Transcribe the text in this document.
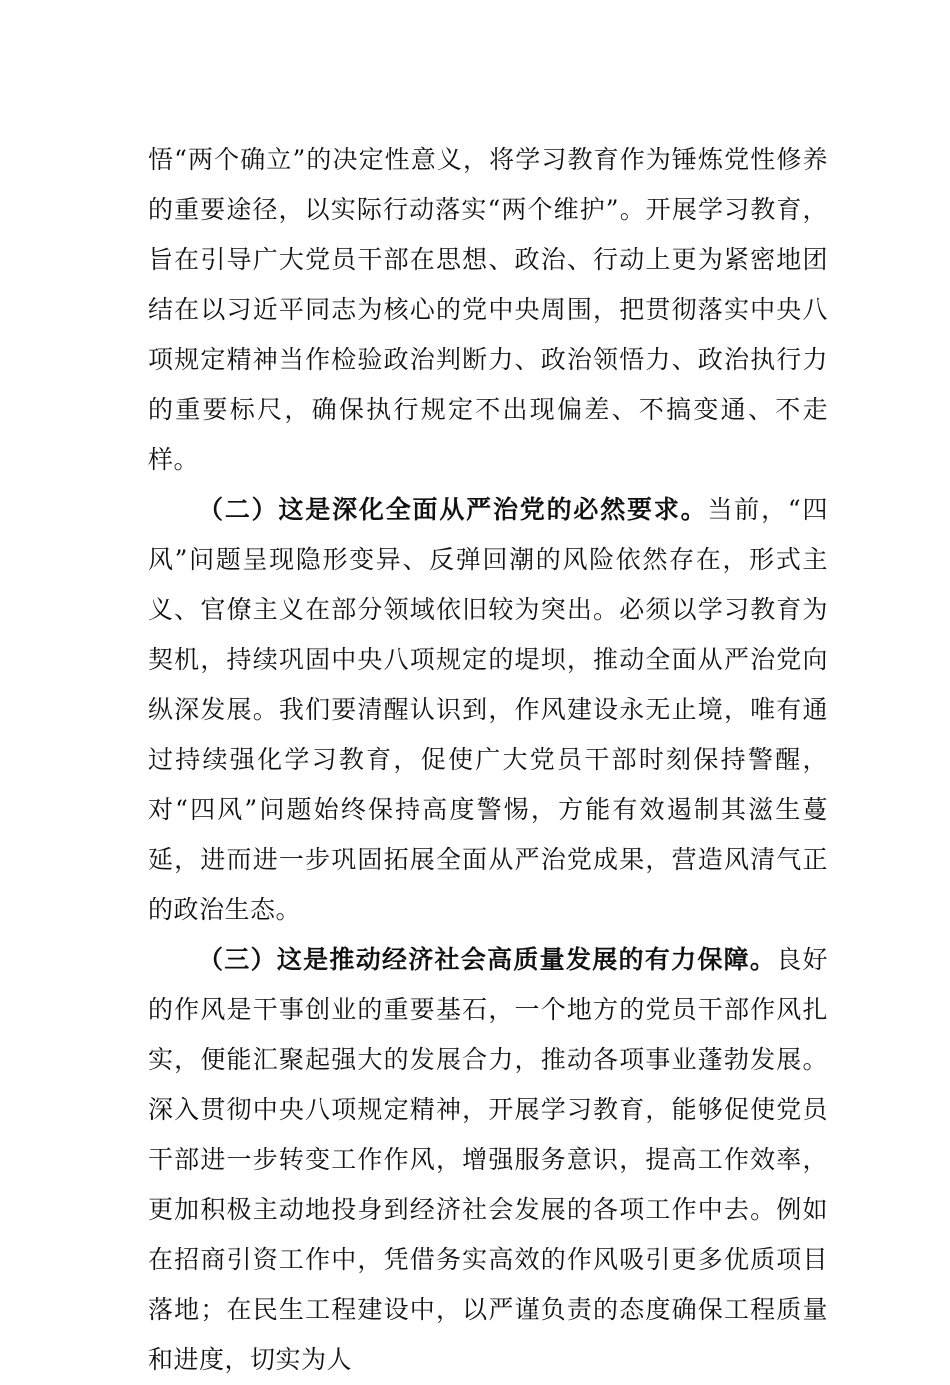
悟“两个确立”的决定性意义，将学习教育作为锤炼党性修养的重要途径，以实际行动落实“两个维护”。开展学习教育，旨在引导广大党员干部在思想、政治、行动上更为紧密地团结在以习近平同志为核心的党中央周围，把贯彻落实中央八项规定精神当作检验政治判断力、政治领悟力、政治执行力的重要标尺，确保执行规定不出现偏差、不搞变通、不走样。

（二）这是深化全面从严治党的必然要求。当前，“四风”问题呈现隐形变异、反弹回潮的风险依然存在，形式主义、官僚主义在部分领域依旧较为突出。必须以学习教育为契机，持续巩固中央八项规定的堤坝，推动全面从严治党向纵深发展。我们要清醒认识到，作风建设永无止境，唯有通过持续强化学习教育，促使广大党员干部时刻保持警醒，对“四风”问题始终保持高度警惕，方能有效遏制其滋生蔓延，进而进一步巩固拓展全面从严治党成果，营造风清气正的政治生态。

（三）这是推动经济社会高质量发展的有力保障。良好的作风是干事创业的重要基石，一个地方的党员干部作风扎实，便能汇聚起强大的发展合力，推动各项事业蓬勃发展。深入贯彻中央八项规定精神，开展学习教育，能够促使党员干部进一步转变工作作风，增强服务意识，提高工作效率，更加积极主动地投身到经济社会发展的各项工作中去。例如在招商引资工作中，凭借务实高效的作风吸引更多优质项目落地；在民生工程建设中，以严谨负责的态度确保工程质量和进度，切实为人
